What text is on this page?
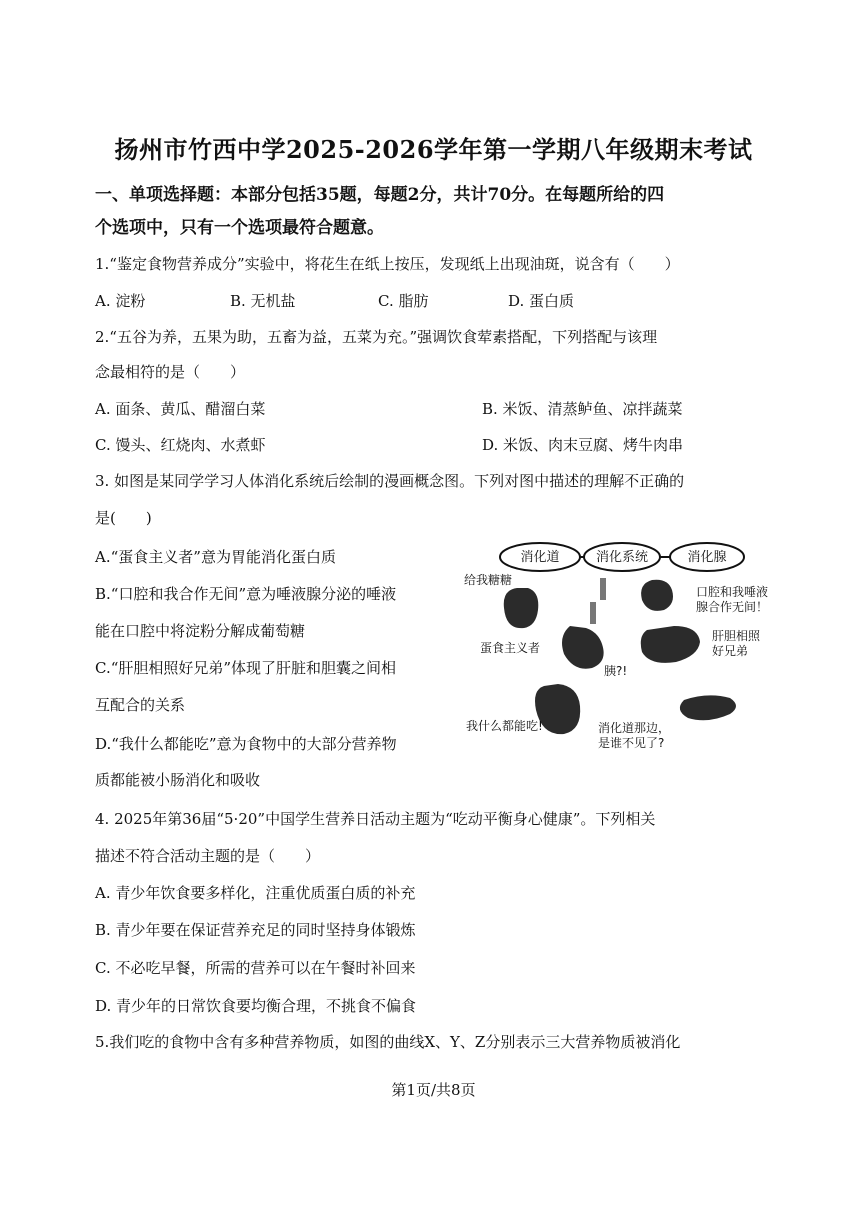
扬州市竹西中学2025-2026学年第一学期八年级期末考试
一、单项选择题：本部分包括35题，每题2分，共计70分。在每题所给的四
个选项中，只有一个选项最符合题意。
1.“鉴定食物营养成分”实验中，将花生在纸上按压，发现纸上出现油斑，说含有（　　）
A. 淀粉	B. 无机盐	C. 脂肪	D. 蛋白质
2.“五谷为养，五果为助，五畜为益，五菜为充。”强调饮食荤素搭配，下列搭配与该理
念最相符的是（　　）
A. 面条、黄瓜、醋溜白菜	B. 米饭、清蒸鲈鱼、凉拌蔬菜
C. 馒头、红烧肉、水煮虾	D. 米饭、肉末豆腐、烤牛肉串
3. 如图是某同学学习人体消化系统后绘制的漫画概念图。下列对图中描述的理解不正确的
是(　　)
A.“蛋食主义者”意为胃能消化蛋白质
B.“口腔和我合作无间”意为唾液腺分泌的唾液
能在口腔中将淀粉分解成葡萄糖
C.“肝胆相照好兄弟”体现了肝脏和胆囊之间相
互配合的关系
D.“我什么都能吃”意为食物中的大部分营养物
质都能被小肠消化和吸收
消化道	消化系统	消化腺
给我糖糖
口腔和我唾液
腺合作无间！
蛋食主义者
肝胆相照
好兄弟
胰?!
我什么都能吃!	消化道那边，
是谁不见了?
4. 2025年第36届“5·20”中国学生营养日活动主题为“吃动平衡身心健康”。下列相关
描述不符合活动主题的是（　　）
A. 青少年饮食要多样化，注重优质蛋白质的补充
B. 青少年要在保证营养充足的同时坚持身体锻炼
C. 不必吃早餐，所需的营养可以在午餐时补回来
D. 青少年的日常饮食要均衡合理，不挑食不偏食
5.我们吃的食物中含有多种营养物质，如图的曲线X、Y、Z分别表示三大营养物质被消化
第1页/共8页
